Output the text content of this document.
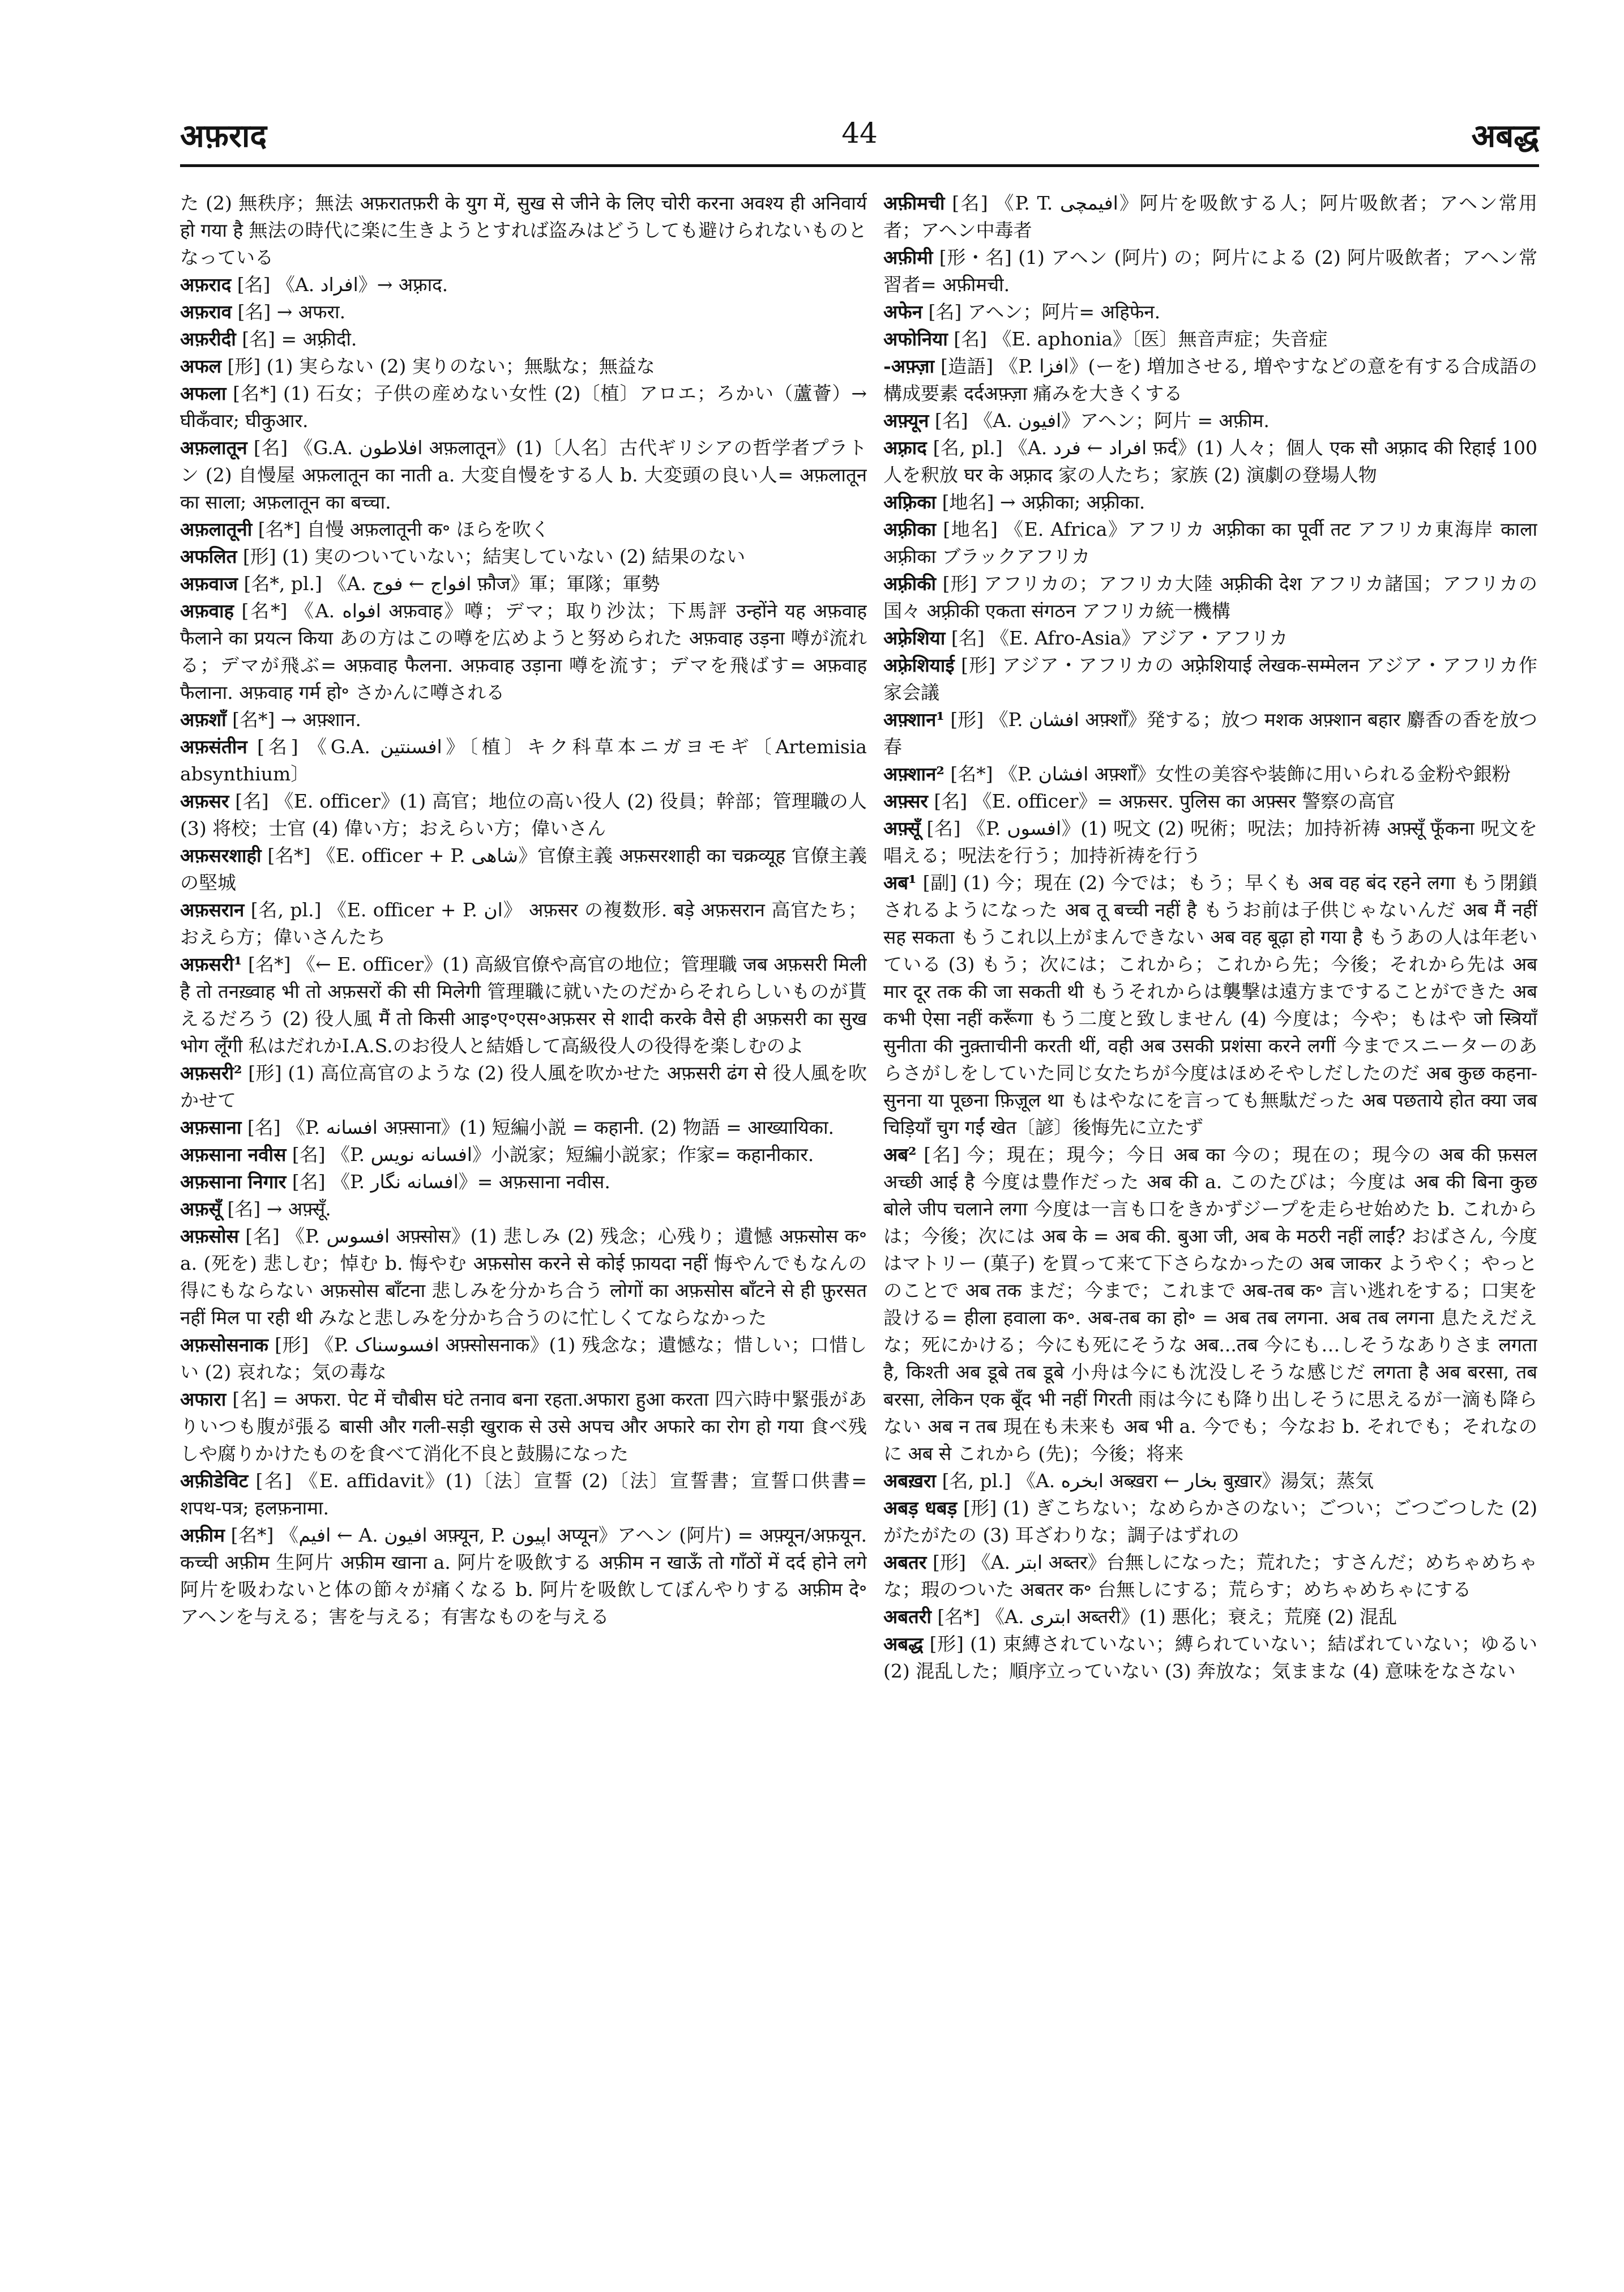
अफ़राद	44	अबद्ध

た (2) 無秩序；無法 अफ़रातफ़री के युग में, सुख से जीने के लिए चोरी करना अवश्य ही अनिवार्य हो गया है 無法の時代に楽に生きようとすれば盗みはどうしても避けられないものとなっている

अफ़राद [名] 《A. افراد》→ अफ़्राद.

अफ़राव [名] → अफरा.

अफ़रीदी [名] = अफ़्रीदी.

अफल [形] (1) 実らない (2) 実りのない；無駄な；無益な

अफला [名*] (1) 石女；子供の産めない女性 (2)〔植〕アロエ；ろかい（蘆薈）→ घीकँवार; घीकुआर.

अफ़लातून [名] 《G.A. افلاطون अफ़लातून》(1)〔人名〕古代ギリシアの哲学者プラトン (2) 自慢屋 अफ़लातून का नाती a. 大変自慢をする人 b. 大変頭の良い人= अफ़लातून का साला; अफ़लातून का बच्चा.

अफ़लातूनी [名*] 自慢 अफ़लातूनी क॰ ほらを吹く

अफलित [形] (1) 実のついていない；結実していない (2) 結果のない

अफ़वाज [名*, pl.] 《A. افواج ← فوج फ़ौज》軍；軍隊；軍勢

अफ़वाह [名*] 《A. افواه अफ़वाह》噂；デマ；取り沙汰；下馬評 उन्होंने यह अफ़वाह फैलाने का प्रयत्न किया あの方はこの噂を広めようと努められた अफ़वाह उड़ना 噂が流れる；デマが飛ぶ= अफ़वाह फैलना. अफ़वाह उड़ाना 噂を流す；デマを飛ばす= अफ़वाह फैलाना. अफ़वाह गर्म हो॰ さかんに噂される

अफ़शाँ [名*] → अफ़्शान.

अफ़संतीन [名] 《G.A. افسنتين》〔植〕キク科草本ニガヨモギ〔Artemisia absynthium〕

अफ़सर [名] 《E. officer》(1) 高官；地位の高い役人 (2) 役員；幹部；管理職の人 (3) 将校；士官 (4) 偉い方；おえらい方；偉いさん

अफ़सरशाही [名*] 《E. officer + P. شاهی》官僚主義 अफ़सरशाही का चक्रव्यूह 官僚主義の堅城

अफ़सरान [名, pl.] 《E. officer + P. ان》 अफ़सर の複数形. बड़े अफ़सरान 高官たち；おえら方；偉いさんたち

अफ़सरी¹ [名*] 《← E. officer》(1) 高級官僚や高官の地位；管理職 जब अफ़सरी मिली है तो तनख़्वाह भी तो अफ़सरों की सी मिलेगी 管理職に就いたのだからそれらしいものが貰えるだろう (2) 役人風 मैं तो किसी आइ॰ए॰एस॰अफ़सर से शादी करके वैसे ही अफ़सरी का सुख भोग लूँगी 私はだれかI.A.S.のお役人と結婚して高級役人の役得を楽しむのよ

अफ़सरी² [形] (1) 高位高官のような (2) 役人風を吹かせた अफ़सरी ढंग से 役人風を吹かせて

अफ़साना [名] 《P. افسانه अफ़्साना》(1) 短編小説 = कहानी. (2) 物語 = आख्यायिका.

अफ़साना नवीस [名] 《P. افسانه نويس》小説家；短編小説家；作家= कहानीकार.

अफ़साना निगार [名] 《P. افسانه نگار》= अफ़साना नवीस.

अफ़सूँ [名] → अफ़्सूँ.

अफ़सोस [名] 《P. افسوس अफ़्सोस》(1) 悲しみ (2) 残念；心残り；遺憾 अफ़सोस क॰ a. (死を) 悲しむ；悼む b. 悔やむ अफ़सोस करने से कोई फ़ायदा नहीं 悔やんでもなんの得にもならない अफ़सोस बाँटना 悲しみを分かち合う लोगों का अफ़सोस बाँटने से ही फ़ुरसत नहीं मिल पा रही थी みなと悲しみを分かち合うのに忙しくてならなかった

अफ़सोसनाक [形] 《P. افسوسناک अफ़्सोसनाक》(1) 残念な；遺憾な；惜しい；口惜しい (2) 哀れな；気の毒な

अफारा [名] = अफरा. पेट में चौबीस घंटे तनाव बना रहता.अफारा हुआ करता 四六時中緊張がありいつも腹が張る बासी और गली-सड़ी खुराक से उसे अपच और अफारे का रोग हो गया 食べ残しや腐りかけたものを食べて消化不良と鼓腸になった

अफ़ीडेविट [名] 《E. affidavit》(1)〔法〕宣誓 (2)〔法〕宣誓書；宣誓口供書= शपथ-पत्र; हलफ़नामा.

अफ़ीम [名*] 《افيم ← A. افيون अफ़्यून, P. اپيون अप्यून》アヘン (阿片) = अफ़्यून/अफ़यून. कच्ची अफ़ीम 生阿片 अफ़ीम खाना a. 阿片を吸飲する अफ़ीम न खाऊँ तो गाँठों में दर्द होने लगे 阿片を吸わないと体の節々が痛くなる b. 阿片を吸飲してぼんやりする अफ़ीम दे॰ アヘンを与える；害を与える；有害なものを与える

अफ़ीमची [名] 《P. T. افيمچی》阿片を吸飲する人；阿片吸飲者；アヘン常用者；アヘン中毒者

अफ़ीमी [形・名] (1) アヘン (阿片) の；阿片による (2) 阿片吸飲者；アヘン常習者= अफ़ीमची.

अफेन [名] アヘン；阿片= अहिफेन.

अफोनिया [名] 《E. aphonia》〔医〕無音声症；失音症

-अफ़्ज़ा [造語] 《P. افزا》(ーを) 増加させる, 増やすなどの意を有する合成語の構成要素 दर्दअफ़्ज़ा 痛みを大きくする

अफ़्यून [名] 《A. افيون》アヘン；阿片 = अफ़ीम.

अफ़्राद [名, pl.] 《A. افراد ← فرد फ़र्द》(1) 人々；個人 एक सौ अफ़्राद की रिहाई 100 人を釈放 घर के अफ़्राद 家の人たち；家族 (2) 演劇の登場人物

अफ़्रिका [地名] → अफ़्रीका; अफ़्रीका.

अफ़्रीका [地名] 《E. Africa》アフリカ अफ़्रीका का पूर्वी तट アフリカ東海岸 काला अफ़्रीका ブラックアフリカ

अफ़्रीकी [形] アフリカの；アフリカ大陸 अफ़्रीकी देश アフリカ諸国；アフリカの国々 अफ़्रीकी एकता संगठन アフリカ統一機構

अफ़्रेशिया [名] 《E. Afro-Asia》アジア・アフリカ

अफ़्रेशियाई [形] アジア・アフリカの अफ़्रेशियाई लेखक-सम्मेलन アジア・アフリカ作家会議

अफ़्शान¹ [形] 《P. افشان अफ़्शाँ》発する；放つ मशक अफ़्शान बहार 麝香の香を放つ春

अफ़्शान² [名*] 《P. افشان अफ़्शाँ》女性の美容や装飾に用いられる金粉や銀粉

अफ़्सर [名] 《E. officer》= अफ़सर. पुलिस का अफ़्सर 警察の高官

अफ़्सूँ [名] 《P. افسوں》(1) 呪文 (2) 呪術；呪法；加持祈祷 अफ़्सूँ फूँकना 呪文を唱える；呪法を行う；加持祈祷を行う

अब¹ [副] (1) 今；現在 (2) 今では；もう；早くも अब वह बंद रहने लगा もう閉鎖されるようになった अब तू बच्ची नहीं है もうお前は子供じゃないんだ अब मैं नहीं सह सकता もうこれ以上がまんできない अब वह बूढ़ा हो गया है もうあの人は年老いている (3) もう；次には；これから；これから先；今後；それから先は अब मार दूर तक की जा सकती थी もうそれからは襲撃は遠方まですることができた अब कभी ऐसा नहीं करूँगा もう二度と致しません (4) 今度は；今や；もはや जो स्त्रियाँ सुनीता की नुक़्ताचीनी करती थीं, वही अब उसकी प्रशंसा करने लगीं 今までスニーターのあらさがしをしていた同じ女たちが今度はほめそやしだしたのだ अब कुछ कहना-सुनना या पूछना फ़िज़ूल था もはやなにを言っても無駄だった अब पछताये होत क्या जब चिड़ियाँ चुग गईं खेत〔諺〕後悔先に立たず

अब² [名] 今；現在；現今；今日 अब का 今の；現在の；現今の अब की फ़सल अच्छी आई है 今度は豊作だった अब की a. このたびは；今度は अब की बिना कुछ बोले जीप चलाने लगा 今度は一言も口をきかずジープを走らせ始めた b. これからは；今後；次には अब के = अब की. बुआ जी, अब के मठरी नहीं लाईं? おばさん, 今度はマトリー (菓子) を買って来て下さらなかったの अब जाकर ようやく；やっとのことで अब तक まだ；今まで；これまで अब-तब क॰ 言い逃れをする；口実を設ける= हीला हवाला क॰. अब-तब का हो॰ = अब तब लगना. अब तब लगना 息たえだえな；死にかける；今にも死にそうな अब...तब 今にも…しそうなありさま लगता है, किश्ती अब डूबे तब डूबे 小舟は今にも沈没しそうな感じだ लगता है अब बरसा, तब बरसा, लेकिन एक बूँद भी नहीं गिरती 雨は今にも降り出しそうに思えるが一滴も降らない अब न तब 現在も未来も अब भी a. 今でも；今なお b. それでも；それなのに अब से これから (先)；今後；将来

अबख़रा [名, pl.] 《A. ابخره अब्ख़रा ← بخار बुख़ार》湯気；蒸気

अबड़ धबड़ [形] (1) ぎこちない；なめらかさのない；ごつい；ごつごつした (2) がたがたの (3) 耳ざわりな；調子はずれの

अबतर [形] 《A. ابتر अब्तर》台無しになった；荒れた；すさんだ；めちゃめちゃな；瑕のついた अबतर क॰ 台無しにする；荒らす；めちゃめちゃにする

अबतरी [名*] 《A. ابتری अब्तरी》(1) 悪化；衰え；荒廃 (2) 混乱

अबद्ध [形] (1) 束縛されていない；縛られていない；結ばれていない；ゆるい (2) 混乱した；順序立っていない (3) 奔放な；気ままな (4) 意味をなさない
